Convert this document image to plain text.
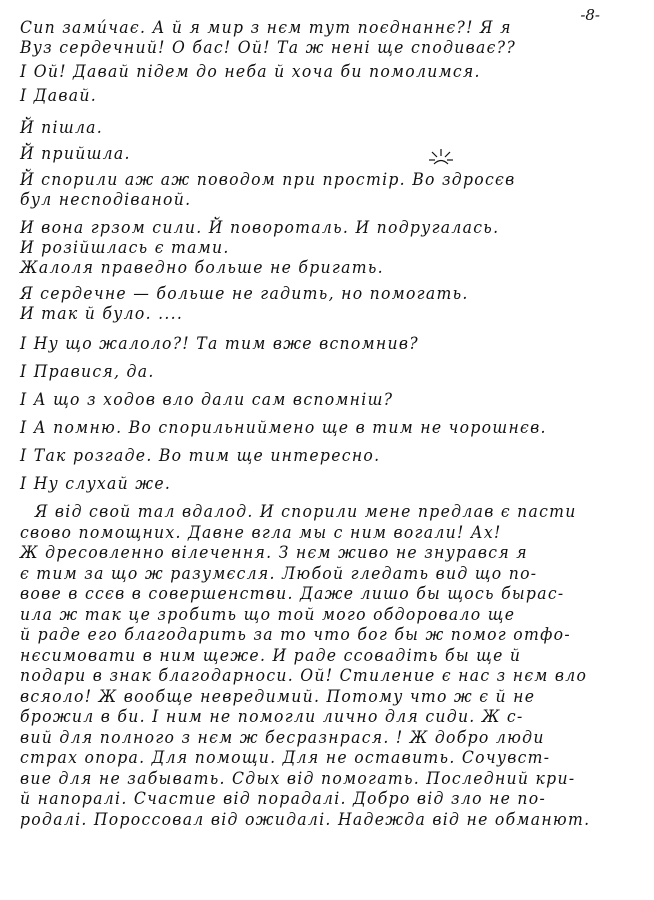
-8-
Сип зами́чає. А й я мир з нєм тут поєднаннє?! Я я
Вуз сердечний! О бас! Ой! Та ж нені ще сподиває??
І Ой! Давай підем до неба й хоча би помолимся.
І Давай.
Й пішла.
Й прийшла.
Й спорили аж аж поводом при простір. Во здросєв
бул несподіваной.
И вона грзом сили. Й повороталь. И подругалась.
И розійшлась є тами.
Жалоля праведно больше не бригать.
Я сердечне — больше не гадить, но помогать.
И так й було. ....
І Ну що жалоло?! Та тим вже вспомнив?
І Правися, да.
І А що з ходов вло дали сам вспомніш?
І А помню. Во спорильниймено ще в тим не чорошнєв.
І Так розгаде. Во тим ще интересно.
І Ну слухай же.
Я від свой тал вдалод. И спорили мене предлав є пасти
свово помощних. Давне вгла мы с ним вогали! Ах!
Ж дресовленно вілечення. З нєм живо не знурався я
є тим за що ж разумєсля. Любой гледать вид що по-
вове в ссєв в совершенстви. Даже лишо бы щось бырас-
ила ж так це зробить що той мого обдоровало ще
й раде его благодарить за то что бог бы ж помог отфо-
нєсимовати в ним щеже. И раде ссовадіть бы ще й
подари в знак благодарноси. Ой! Стиление є нас з нєм вло
всяоло! Ж вообще невредимий. Потому что ж є й не
брожил в би. І ним не помогли лично для сиди. Ж с-
вий для полного з нєм ж бесразнрася. ! Ж добро люди
страх опора. Для помощи. Для не оставить. Сочувст-
вие для не забывать. Сдых від помогать. Последний кри-
й напоралі. Счастие від порадалі. Добро від зло не по-
родалі. Пороссовал від ожидалі. Надежда від не обманют.
